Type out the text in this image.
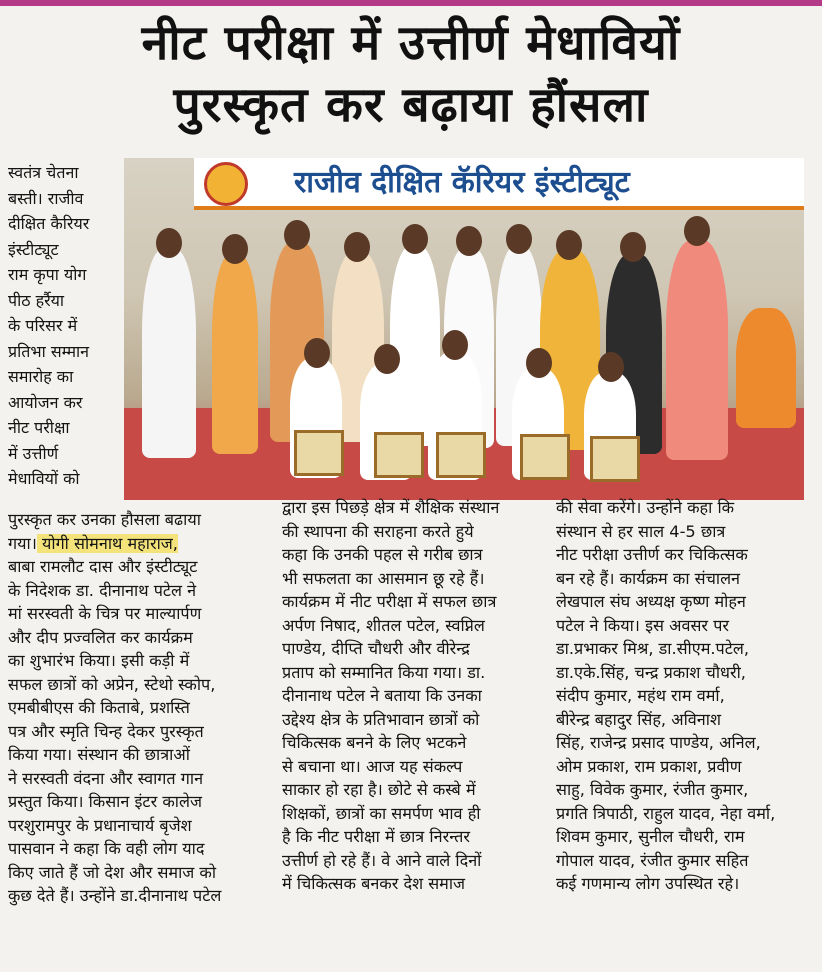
नीट परीक्षा में उत्तीर्ण मेधावियों
पुरस्कृत कर बढ़ाया हौंसला
राजीव दीक्षित कॅरियर इंस्टीट्यूट
स्वतंत्र चेतना
बस्ती। राजीव
दीक्षित कैरियर
इंस्टीट्यूट
राम कृपा योग
पीठ हर्रैया
के परिसर में
प्रतिभा सम्मान
समारोह का
आयोजन कर
नीट परीक्षा
में उत्तीर्ण
मेधावियों को
पुरस्कृत कर उनका हौसला बढाया
गया। योगी सोमनाथ महाराज,
बाबा रामलौट दास और इंस्टीट्यूट
के निदेशक डा. दीनानाथ पटेल ने
मां सरस्वती के चित्र पर माल्यार्पण
और दीप प्रज्वलित कर कार्यक्रम
का शुभारंभ किया। इसी कड़ी में
सफल छात्रों को अप्रेन, स्टेथो स्कोप,
एमबीबीएस की किताबे, प्रशस्ति
पत्र और स्मृति चिन्ह देकर पुरस्कृत
किया गया। संस्थान की छात्राओं
ने सरस्वती वंदना और स्वागत गान
प्रस्तुत किया। किसान इंटर कालेज
परशुरामपुर के प्रधानाचार्य बृजेश
पासवान ने कहा कि वही लोग याद
किए जाते हैं जो देश और समाज को
कुछ देते हैं। उन्होंने डा.दीनानाथ पटेल
द्वारा इस पिछड़े क्षेत्र में शैक्षिक संस्थान
की स्थापना की सराहना करते हुये
कहा कि उनकी पहल से गरीब छात्र
भी सफलता का आसमान छू रहे हैं।
कार्यक्रम में नीट परीक्षा में सफल छात्र
अर्पण निषाद, शीतल पटेल, स्वप्निल
पाण्डेय, दीप्ति चौधरी और वीरेन्द्र
प्रताप को सम्मानित किया गया। डा.
दीनानाथ पटेल ने बताया कि उनका
उद्देश्य क्षेत्र के प्रतिभावान छात्रों को
चिकित्सक बनने के लिए भटकने
से बचाना था। आज यह संकल्प
साकार हो रहा है। छोटे से कस्बे में
शिक्षकों, छात्रों का समर्पण भाव ही
है कि नीट परीक्षा में छात्र निरन्तर
उत्तीर्ण हो रहे हैं। वे आने वाले दिनों
में चिकित्सक बनकर देश समाज
की सेवा करेंगे। उन्होंने कहा कि
संस्थान से हर साल 4-5 छात्र
नीट परीक्षा उत्तीर्ण कर चिकित्सक
बन रहे हैं। कार्यक्रम का संचालन
लेखपाल संघ अध्यक्ष कृष्ण मोहन
पटेल ने किया। इस अवसर पर
डा.प्रभाकर मिश्र, डा.सीएम.पटेल,
डा.एके.सिंह, चन्द्र प्रकाश चौधरी,
संदीप कुमार, महंथ राम वर्मा,
बीरेन्द्र बहादुर सिंह, अविनाश
सिंह, राजेन्द्र प्रसाद पाण्डेय, अनिल,
ओम प्रकाश, राम प्रकाश, प्रवीण
साहु, विवेक कुमार, रंजीत कुमार,
प्रगति त्रिपाठी, राहुल यादव, नेहा वर्मा,
शिवम कुमार, सुनील चौधरी, राम
गोपाल यादव, रंजीत कुमार सहित
कई गणमान्य लोग उपस्थित रहे।
